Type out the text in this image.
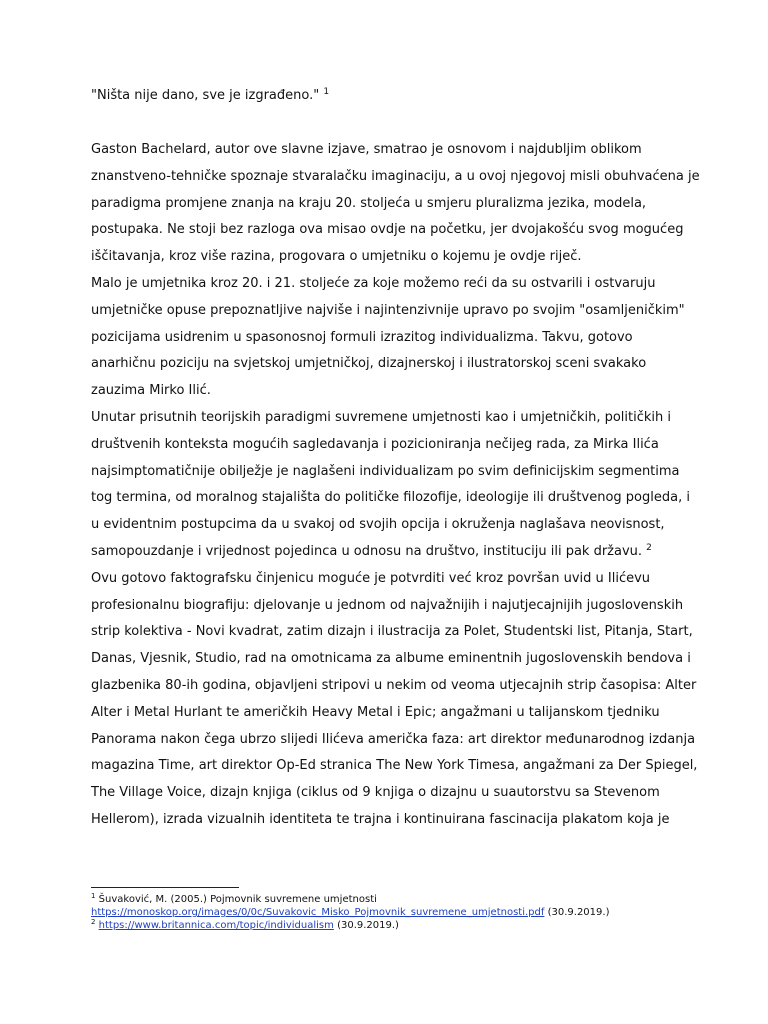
"Ništa nije dano, sve je izgrađeno." $^1$
Gaston Bachelard, autor ove slavne izjave, smatrao je osnovom i najdubljim oblikom
znanstveno-tehničke spoznaje stvaralačku imaginaciju, a u ovoj njegovoj misli obuhvaćena je
paradigma promjene znanja na kraju 20. stoljeća u smjeru pluralizma jezika, modela,
postupaka. Ne stoji bez razloga ova misao ovdje na početku, jer dvojakošću svog mogućeg
iščitavanja, kroz više razina, progovara o umjetniku o kojemu je ovdje riječ.
Malo je umjetnika kroz 20. i 21. stoljeće za koje možemo reći da su ostvarili i ostvaruju
umjetničke opuse prepoznatljive najviše i najintenzivnije upravo po svojim "osamljeničkim"
pozicijama usidrenim u spasonosnoj formuli izrazitog individualizma. Takvu, gotovo
anarhičnu poziciju na svjetskoj umjetničkoj, dizajnerskoj i ilustratorskoj sceni svakako
zauzima Mirko Ilić.
Unutar prisutnih teorijskih paradigmi suvremene umjetnosti kao i umjetničkih, političkih i
društvenih konteksta mogućih sagledavanja i pozicioniranja nečijeg rada, za Mirka Ilića
najsimptomatičnije obilježje je naglašeni individualizam po svim definicijskim segmentima
tog termina, od moralnog stajališta do političke filozofije, ideologije ili društvenog pogleda, i
u evidentnim postupcima da u svakoj od svojih opcija i okruženja naglašava neovisnost,
samopouzdanje i vrijednost pojedinca u odnosu na društvo, instituciju ili pak državu. $^2$
Ovu gotovo faktografsku činjenicu moguće je potvrditi već kroz površan uvid u Ilićevu
profesionalnu biografiju: djelovanje u jednom od najvažnijih i najutjecajnijih jugoslovenskih
strip kolektiva - Novi kvadrat, zatim dizajn i ilustracija za Polet, Studentski list, Pitanja, Start,
Danas, Vjesnik, Studio, rad na omotnicama za albume eminentnih jugoslovenskih bendova i
glazbenika 80-ih godina, objavljeni stripovi u nekim od veoma utjecajnih strip časopisa: Alter
Alter i Metal Hurlant te američkih Heavy Metal i Epic; angažmani u talijanskom tjedniku
Panorama nakon čega ubrzo slijedi Ilićeva američka faza: art direktor međunarodnog izdanja
magazina Time, art direktor Op-Ed stranica The New York Timesa, angažmani za Der Spiegel,
The Village Voice, dizajn knjiga (ciklus od 9 knjiga o dizajnu u suautorstvu sa Stevenom
Hellerom), izrada vizualnih identiteta te trajna i kontinuirana fascinacija plakatom koja je
$^1$ Šuvaković, M. (2005.) Pojmovnik suvremene umjetnosti
https://monoskop.org/images/0/0c/Suvakovic_Misko_Pojmovnik_suvremene_umjetnosti.pdf (30.9.2019.)
$^2$ https://www.britannica.com/topic/individualism (30.9.2019.)
